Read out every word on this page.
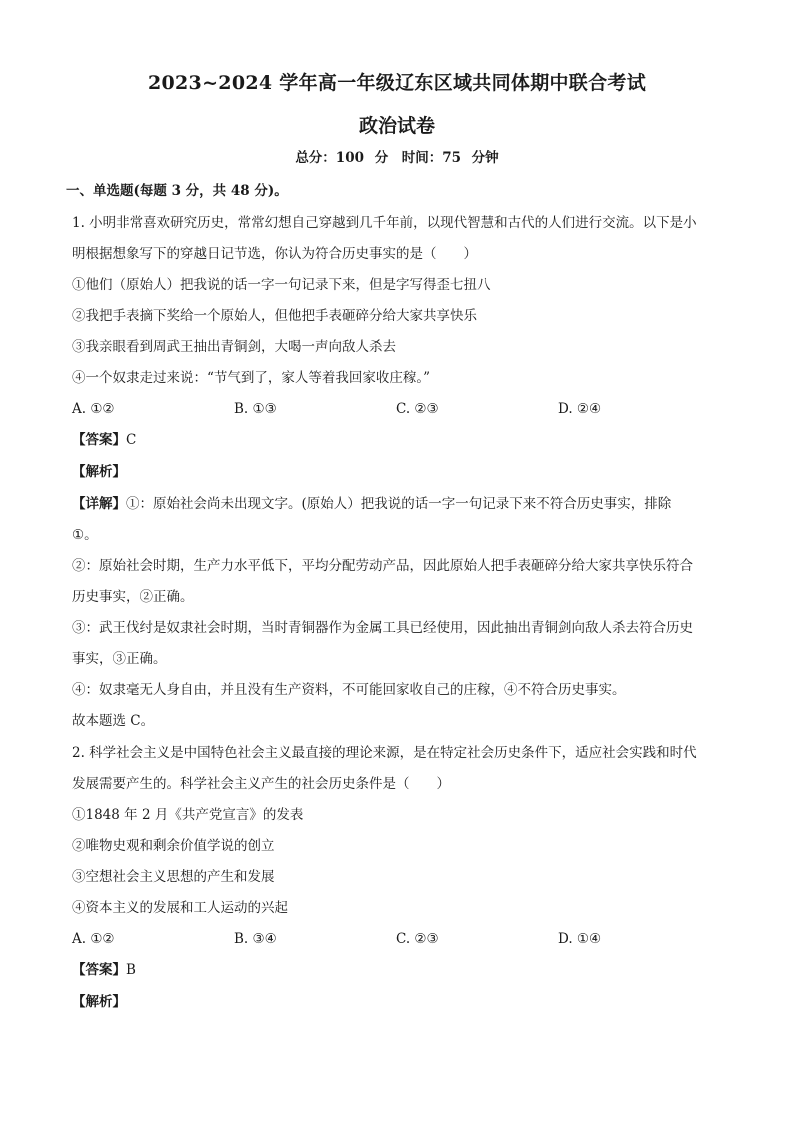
2023~2024 学年高一年级辽东区域共同体期中联合考试
政治试卷
总分：100 分　时间：75 分钟
一、单选题(每题 3 分，共 48 分)。
1. 小明非常喜欢研究历史，常常幻想自己穿越到几千年前，以现代智慧和古代的人们进行交流。以下是小
明根据想象写下的穿越日记节选，你认为符合历史事实的是（　　）
①他们（原始人）把我说的话一字一句记录下来，但是字写得歪七扭八
②我把手表摘下奖给一个原始人，但他把手表砸碎分给大家共享快乐
③我亲眼看到周武王抽出青铜剑，大喝一声向敌人杀去
④一个奴隶走过来说：“节气到了，家人等着我回家收庄稼。”
A. ①②	B. ①③	C. ②③	D. ②④
【答案】C
【解析】
【详解】①：原始社会尚未出现文字。(原始人）把我说的话一字一句记录下来不符合历史事实，排除
①。
②：原始社会时期，生产力水平低下，平均分配劳动产品，因此原始人把手表砸碎分给大家共享快乐符合
历史事实，②正确。
③：武王伐纣是奴隶社会时期，当时青铜器作为金属工具已经使用，因此抽出青铜剑向敌人杀去符合历史
事实，③正确。
④：奴隶毫无人身自由，并且没有生产资料，不可能回家收自己的庄稼，④不符合历史事实。
故本题选 C。
2. 科学社会主义是中国特色社会主义最直接的理论来源，是在特定社会历史条件下，适应社会实践和时代
发展需要产生的。科学社会主义产生的社会历史条件是（　　）
①1848 年 2 月《共产党宣言》的发表
②唯物史观和剩余价值学说的创立
③空想社会主义思想的产生和发展
④资本主义的发展和工人运动的兴起
A. ①②	B. ③④	C. ②③	D. ①④
【答案】B
【解析】
